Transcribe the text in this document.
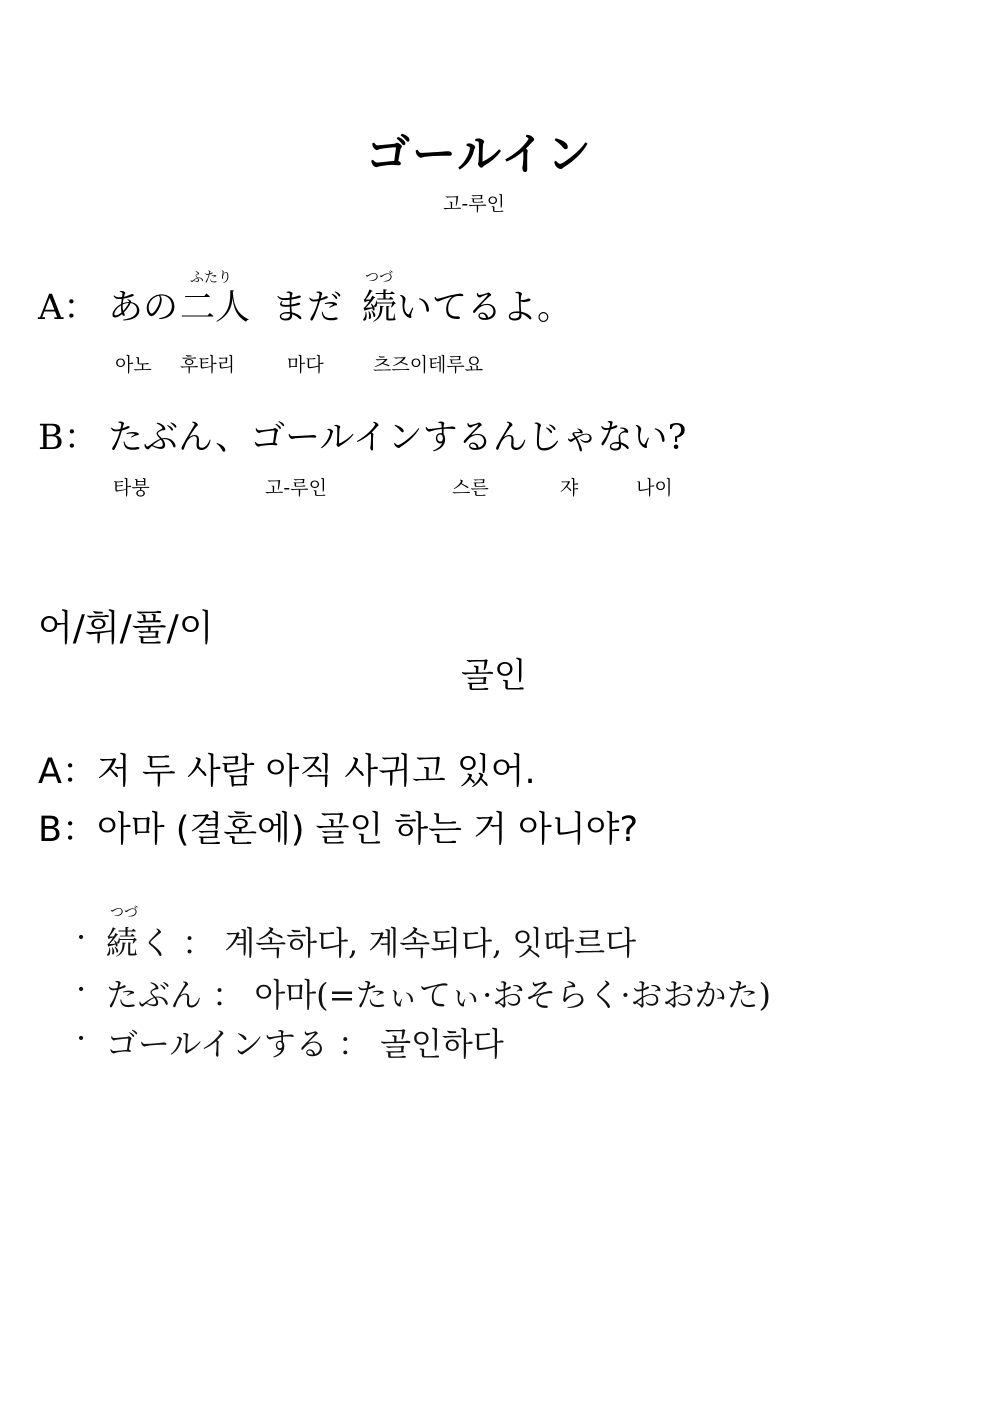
ゴールイン
고-루인
A： あの
ふたり
二人 まだ
つづ
続 いてるよ。
아노 후타리	마다	츠즈이테루요
B： たぶん、ゴールインするんじゃない?
타붕	고-루인	스른	쟈	나이
어/휘/풀/이
골인
A：저 두 사람 아직 사귀고 있어.
B：아마 (결혼에) 골인 하는 거 아니야?
·
つづ
続 く ： 계속하다, 계속되다, 잇따르다
· たぶん ： 아마(=たぃてぃ·おそらく·おおかた)
· ゴールインする ： 골인하다
